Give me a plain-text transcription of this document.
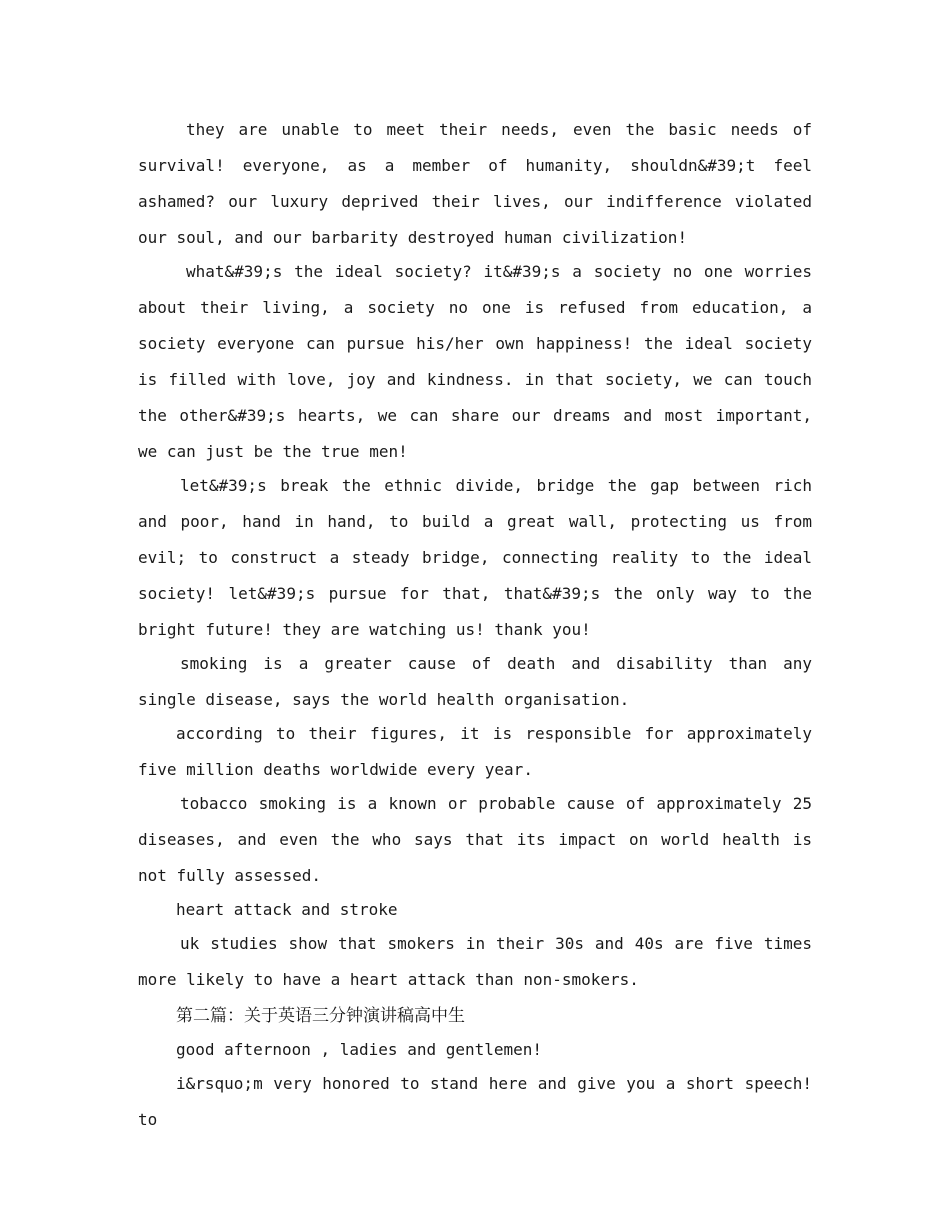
they are unable to meet their needs, even the basic needs of survival! everyone, as a member of humanity, shouldn&#39;t feel ashamed? our luxury deprived their lives, our indifference violated our soul, and our barbarity destroyed human civilization!

what&#39;s the ideal society? it&#39;s a society no one worries about their living, a society no one is refused from education, a society everyone can pursue his/her own happiness! the ideal society is filled with love, joy and kindness. in that society, we can touch the other&#39;s hearts, we can share our dreams and most important, we can just be the true men!

let&#39;s break the ethnic divide, bridge the gap between rich and poor, hand in hand, to build a great wall, protecting us from evil; to construct a steady bridge, connecting reality to the ideal society! let&#39;s pursue for that, that&#39;s the only way to the bright future! they are watching us! thank you!

smoking is a greater cause of death and disability than any single disease, says the world health organisation.

according to their figures, it is responsible for approximately five million deaths worldwide every year.

tobacco smoking is a known or probable cause of approximately 25 diseases, and even the who says that its impact on world health is not fully assessed.

heart attack and stroke

uk studies show that smokers in their 30s and 40s are five times more likely to have a heart attack than non-smokers.

第二篇：关于英语三分钟演讲稿高中生

good afternoon , ladies and gentlemen!

i&rsquo;m very honored to stand here and give you a short speech! to
